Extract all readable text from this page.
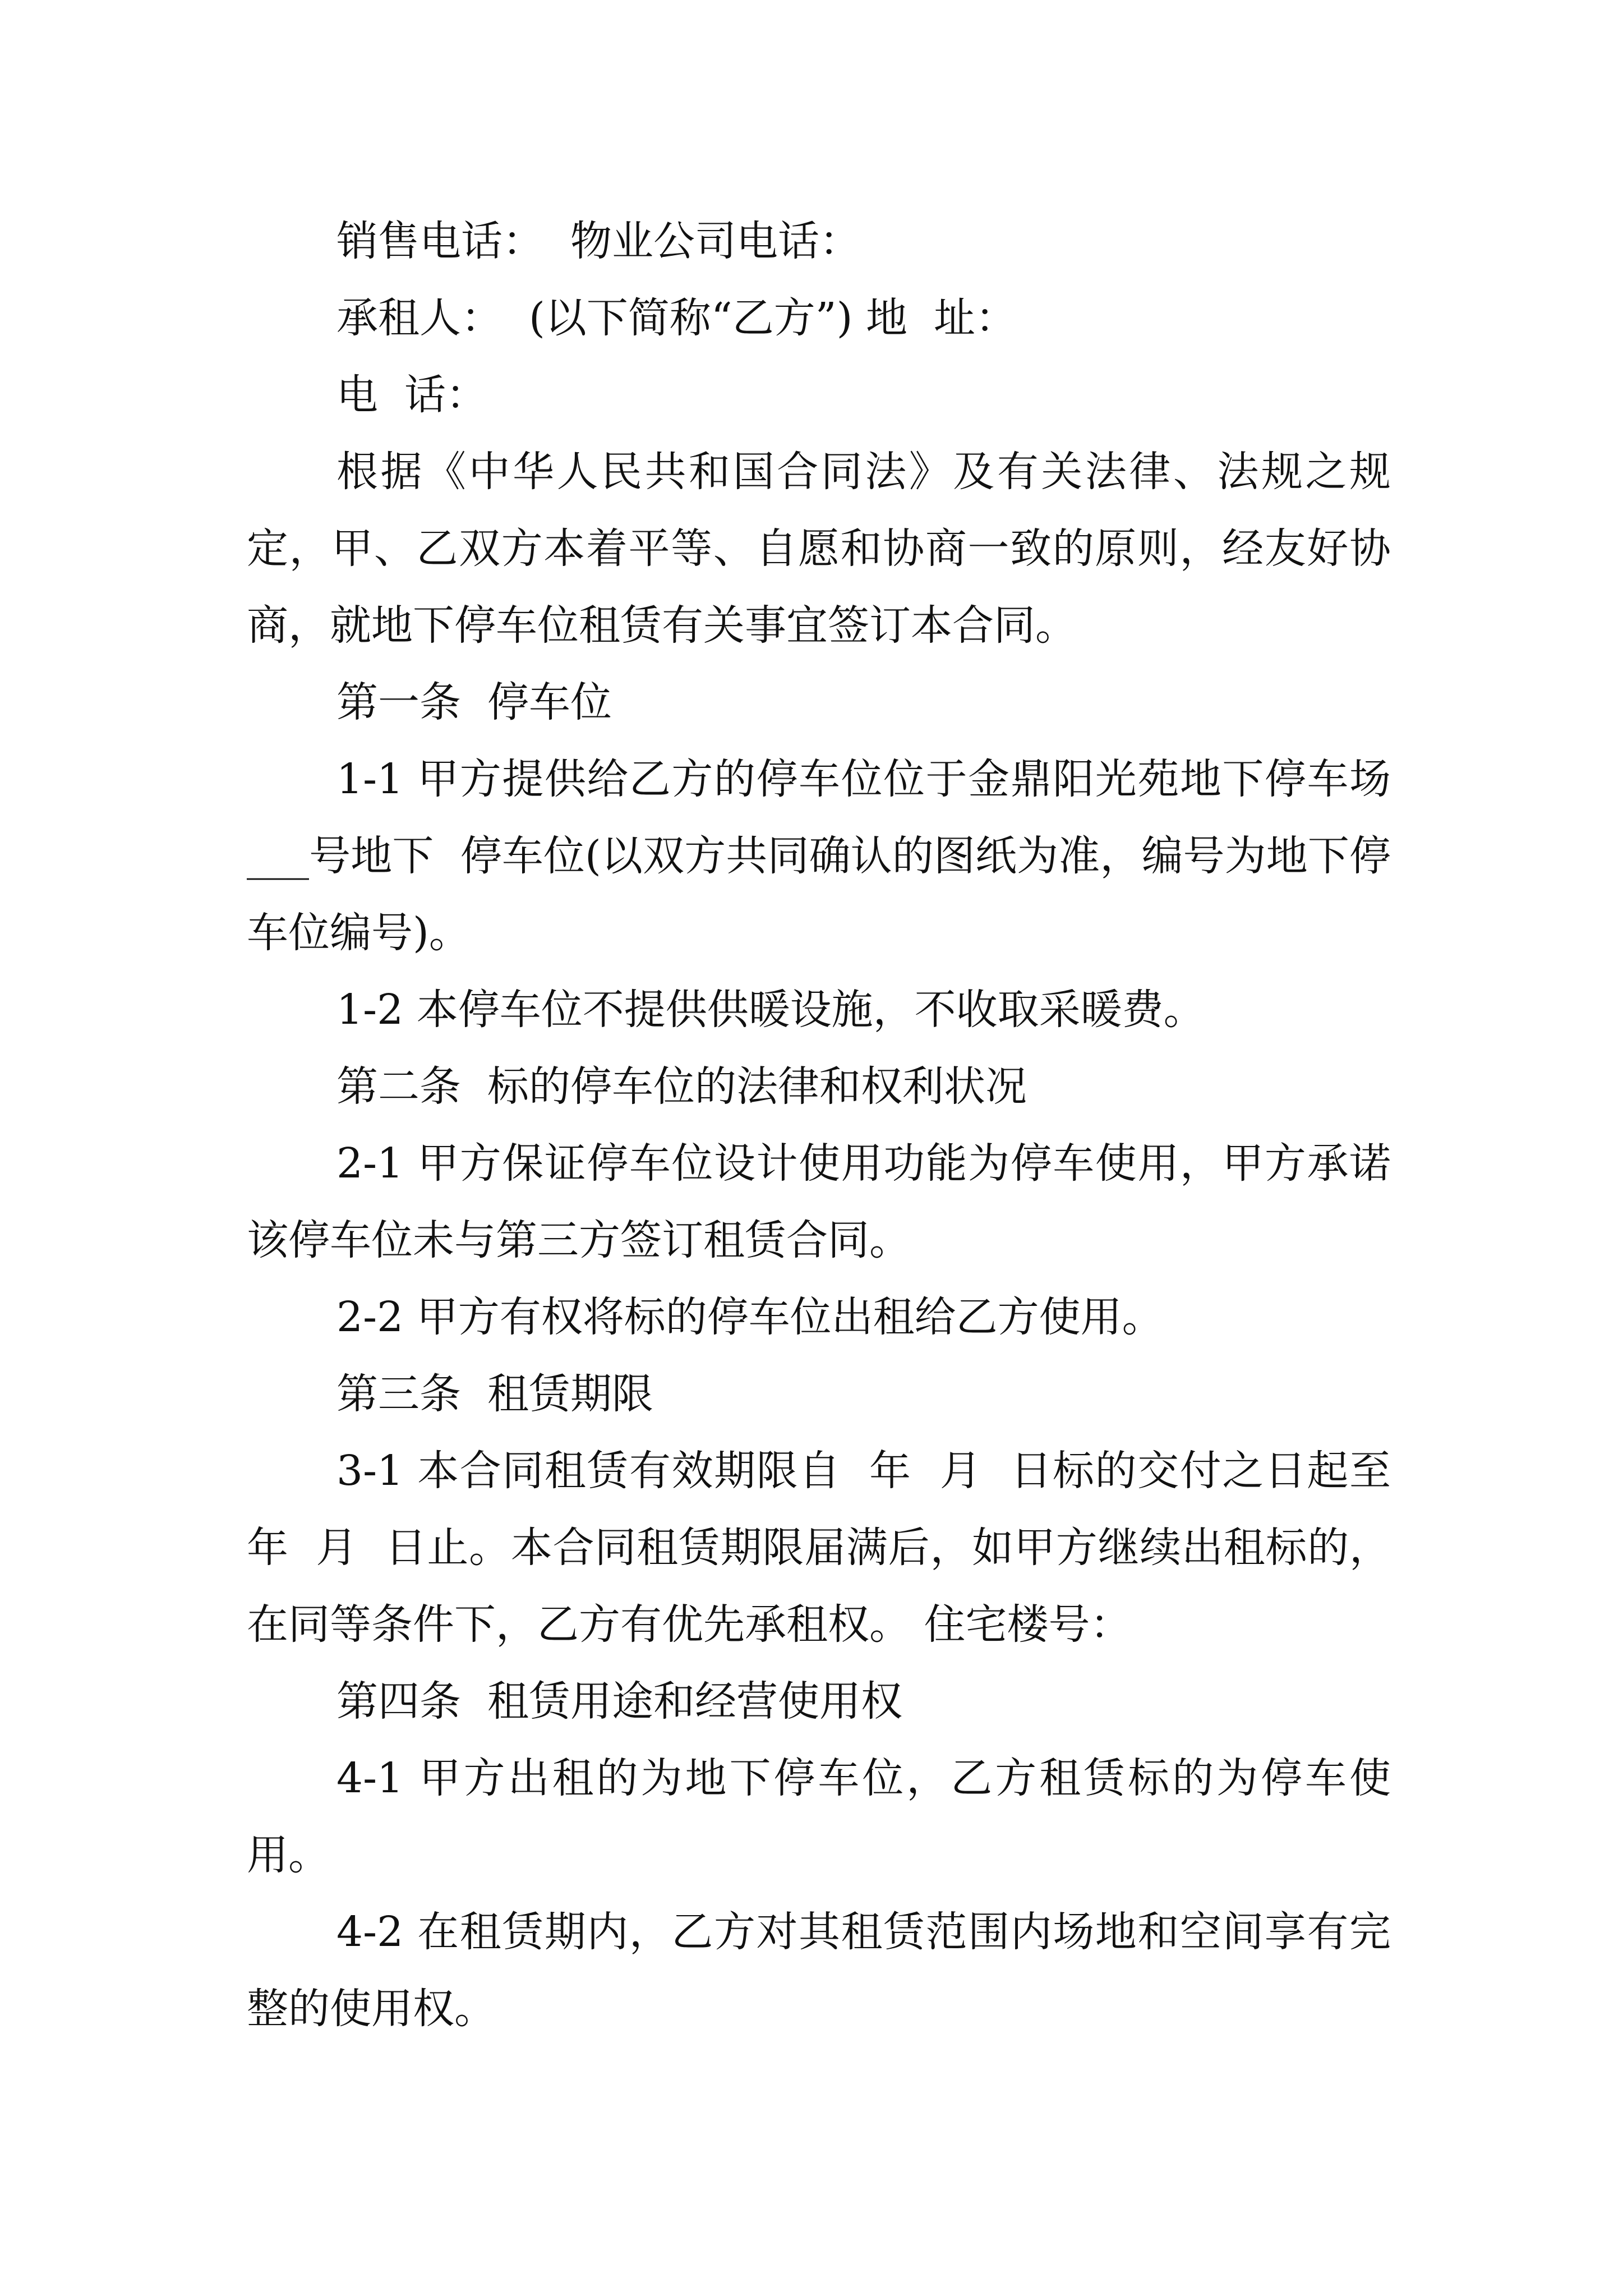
销售电话：  物业公司电话：

承租人：  (以下简称“乙方”) 地  址：

电  话：

根据《中华人民共和国合同法》及有关法律、法规之规定，甲、乙双方本着平等、自愿和协商一致的原则，经友好协商，就地下停车位租赁有关事宜签订本合同。

第一条  停车位

1-1 甲方提供给乙方的停车位位于金鼎阳光苑地下停车场___号地下  停车位(以双方共同确认的图纸为准，编号为地下停车位编号)。

1-2 本停车位不提供供暖设施，不收取采暖费。

第二条  标的停车位的法律和权利状况

2-1 甲方保证停车位设计使用功能为停车使用，甲方承诺该停车位未与第三方签订租赁合同。

2-2 甲方有权将标的停车位出租给乙方使用。

第三条  租赁期限

3-1 本合同租赁有效期限自  年  月  日标的交付之日起至  年  月  日止。本合同租赁期限届满后，如甲方继续出租标的，在同等条件下，乙方有优先承租权。 住宅楼号：

第四条  租赁用途和经营使用权

4-1 甲方出租的为地下停车位，乙方租赁标的为停车使用。

4-2 在租赁期内，乙方对其租赁范围内场地和空间享有完整的使用权。
